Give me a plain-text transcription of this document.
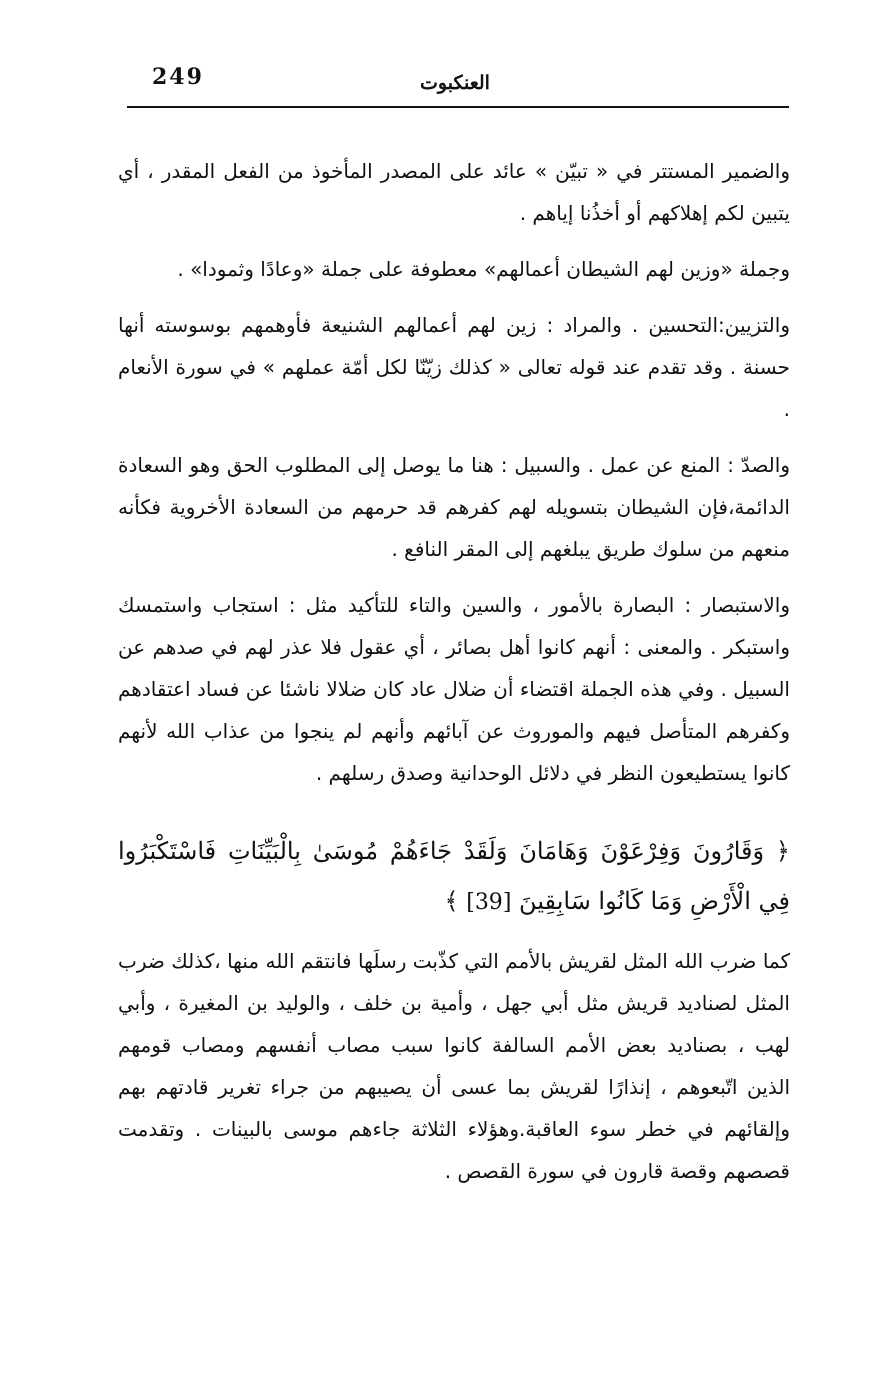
249	العنكبوت

والضمير المستتر في « تبيّن » عائد على المصدر المأخوذ من الفعل المقدر ، أي يتبين لكم إهلاكهم أو أخذُنا إياهم .

وجملة «وزين لهم الشيطان أعمالهم» معطوفة على جملة «وعادًا وثمودا» .

والتزيين:التحسين . والمراد : زين لهم أعمالهم الشنيعة فأوهمهم بوسوسته أنها حسنة . وقد تقدم عند قوله تعالى « كذلك زيّنّا لكل أمّة عملهم » في سورة الأنعام .

والصدّ : المنع عن عمل . والسبيل : هنا ما يوصل إلى المطلوب الحق وهو السعادة الدائمة،فإن الشيطان بتسويله لهم كفرهم قد حرمهم من السعادة الأخروية فكأنه منعهم من سلوك طريق يبلغهم إلى المقر النافع .

والاستبصار : البصارة بالأمور ، والسين والتاء للتأكيد مثل : استجاب واستمسك واستبكر . والمعنى : أنهم كانوا أهل بصائر ، أي عقول فلا عذر لهم في صدهم عن السبيل . وفي هذه الجملة اقتضاء أن ضلال عاد كان ضلالا ناشئا عن فساد اعتقادهم وكفرهم المتأصل فيهم والموروث عن آبائهم وأنهم لم ينجوا من عذاب الله لأنهم كانوا يستطيعون النظر في دلائل الوحدانية وصدق رسلهم .

﴿ وَقَارُونَ وَفِرْعَوْنَ وَهَامَانَ وَلَقَدْ جَاءَهُمْ مُوسَىٰ بِالْبَيِّنَاتِ فَاسْتَكْبَرُوا فِي الْأَرْضِ وَمَا كَانُوا سَابِقِينَ [39] ﴾

كما ضرب الله المثل لقريش بالأمم التي كذّبت رسلَها فانتقم الله منها ،كذلك ضرب المثل لصناديد قريش مثل أبي جهل ، وأمية بن خلف ، والوليد بن المغيرة ، وأبي لهب ، بصناديد بعض الأمم السالفة كانوا سبب مصاب أنفسهم ومصاب قومهم الذين اتّبعوهم ، إنذارًا لقريش بما عسى أن يصيبهم من جراء تغرير قادتهم بهم وإلقائهم في خطر سوء العاقبة.وهؤلاء الثلاثة جاءهم موسى بالبينات . وتقدمت قصصهم وقصة قارون في سورة القصص .
